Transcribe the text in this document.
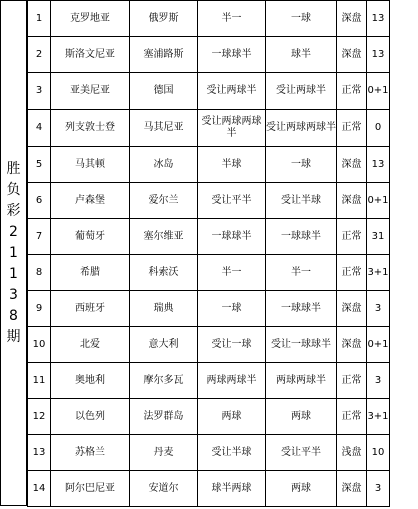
胜
负
彩
2
1
1
3
8
期
1	克罗地亚	俄罗斯	半一	一球	深盘	13
2	斯洛文尼亚	塞浦路斯	一球球半	球半	深盘	13
3	亚美尼亚	德国	受让两球半	受让两球半	正常	0+1
4	列支敦士登	马其尼亚	受让两球两球半	受让两球两球半	正常	0
5	马其顿	冰岛	半球	一球	深盘	13
6	卢森堡	爱尔兰	受让平半	受让半球	深盘	0+1
7	葡萄牙	塞尔维亚	一球球半	一球球半	正常	31
8	希腊	科索沃	半一	半一	正常	3+1
9	西班牙	瑞典	一球	一球球半	深盘	3
10	北爱	意大利	受让一球	受让一球球半	深盘	0+1
11	奥地利	摩尔多瓦	两球两球半	两球两球半	正常	3
12	以色列	法罗群岛	两球	两球	正常	3+1
13	苏格兰	丹麦	受让半球	受让平半	浅盘	10
14	阿尔巴尼亚	安道尔	球半两球	两球	深盘	3
